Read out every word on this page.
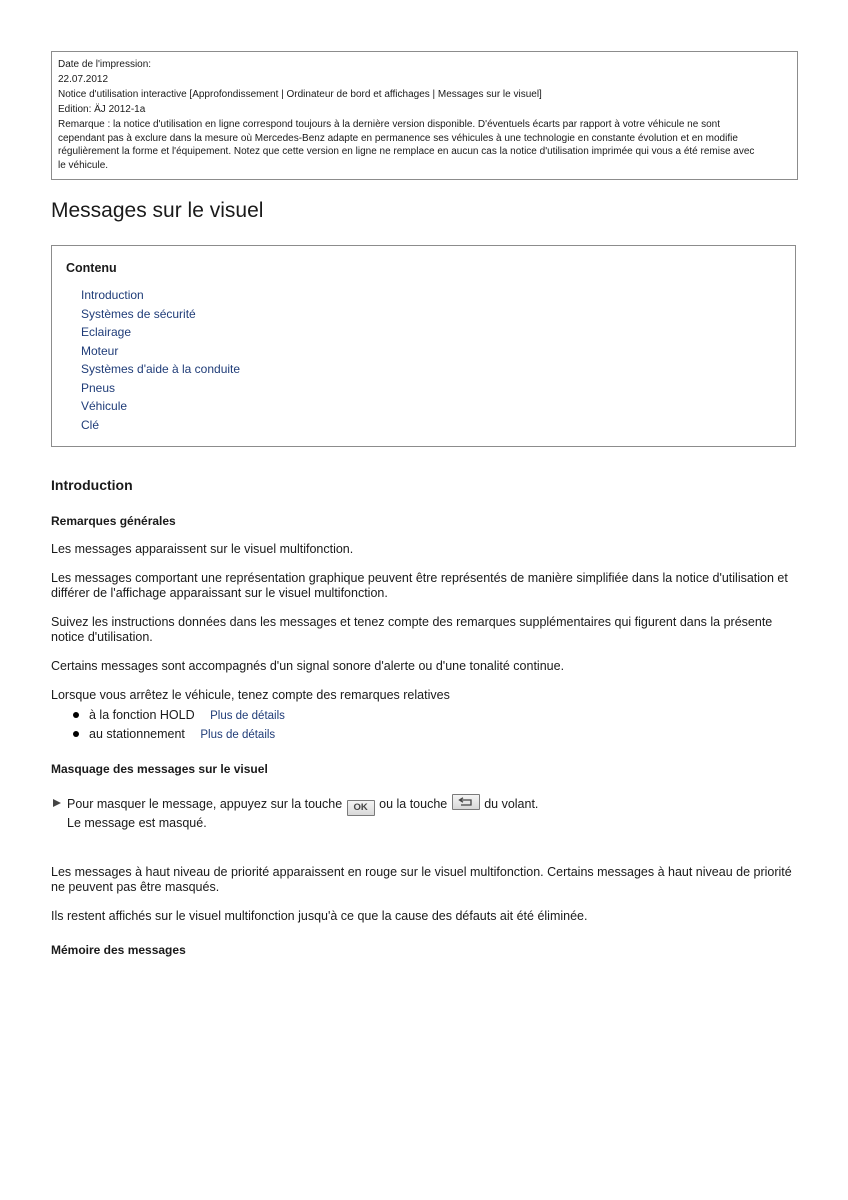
Date de l'impression:
22.07.2012
Notice d'utilisation interactive [Approfondissement | Ordinateur de bord et affichages | Messages sur le visuel]
Edition: ÄJ 2012-1a
Remarque : la notice d'utilisation en ligne correspond toujours à la dernière version disponible. D'éventuels écarts par rapport à votre véhicule ne sont
cependant pas à exclure dans la mesure où Mercedes-Benz adapte en permanence ses véhicules à une technologie en constante évolution et en modifie
régulièrement la forme et l'équipement. Notez que cette version en ligne ne remplace en aucun cas la notice d'utilisation imprimée qui vous a été remise avec
le véhicule.
Messages sur le visuel
Contenu
Introduction
Systèmes de sécurité
Eclairage
Moteur
Systèmes d'aide à la conduite
Pneus
Véhicule
Clé
Introduction
Remarques générales

Les messages apparaissent sur le visuel multifonction.

Les messages comportant une représentation graphique peuvent être représentés de manière simplifiée dans la notice d'utilisation et différer de l'affichage apparaissant sur le visuel multifonction.

Suivez les instructions données dans les messages et tenez compte des remarques supplémentaires qui figurent dans la présente notice d'utilisation.

Certains messages sont accompagnés d'un signal sonore d'alerte ou d'une tonalité continue.

Lorsque vous arrêtez le véhicule, tenez compte des remarques relatives

à la fonction HOLD Plus de détails
au stationnement Plus de détails
Masquage des messages sur le visuel
Pour masquer le message, appuyez sur la touche OK ou la touche	du volant.
Le message est masqué.

Les messages à haut niveau de priorité apparaissent en rouge sur le visuel multifonction. Certains messages à haut niveau de priorité ne peuvent pas être masqués.

Ils restent affichés sur le visuel multifonction jusqu'à ce que la cause des défauts ait été éliminée.

Mémoire des messages
